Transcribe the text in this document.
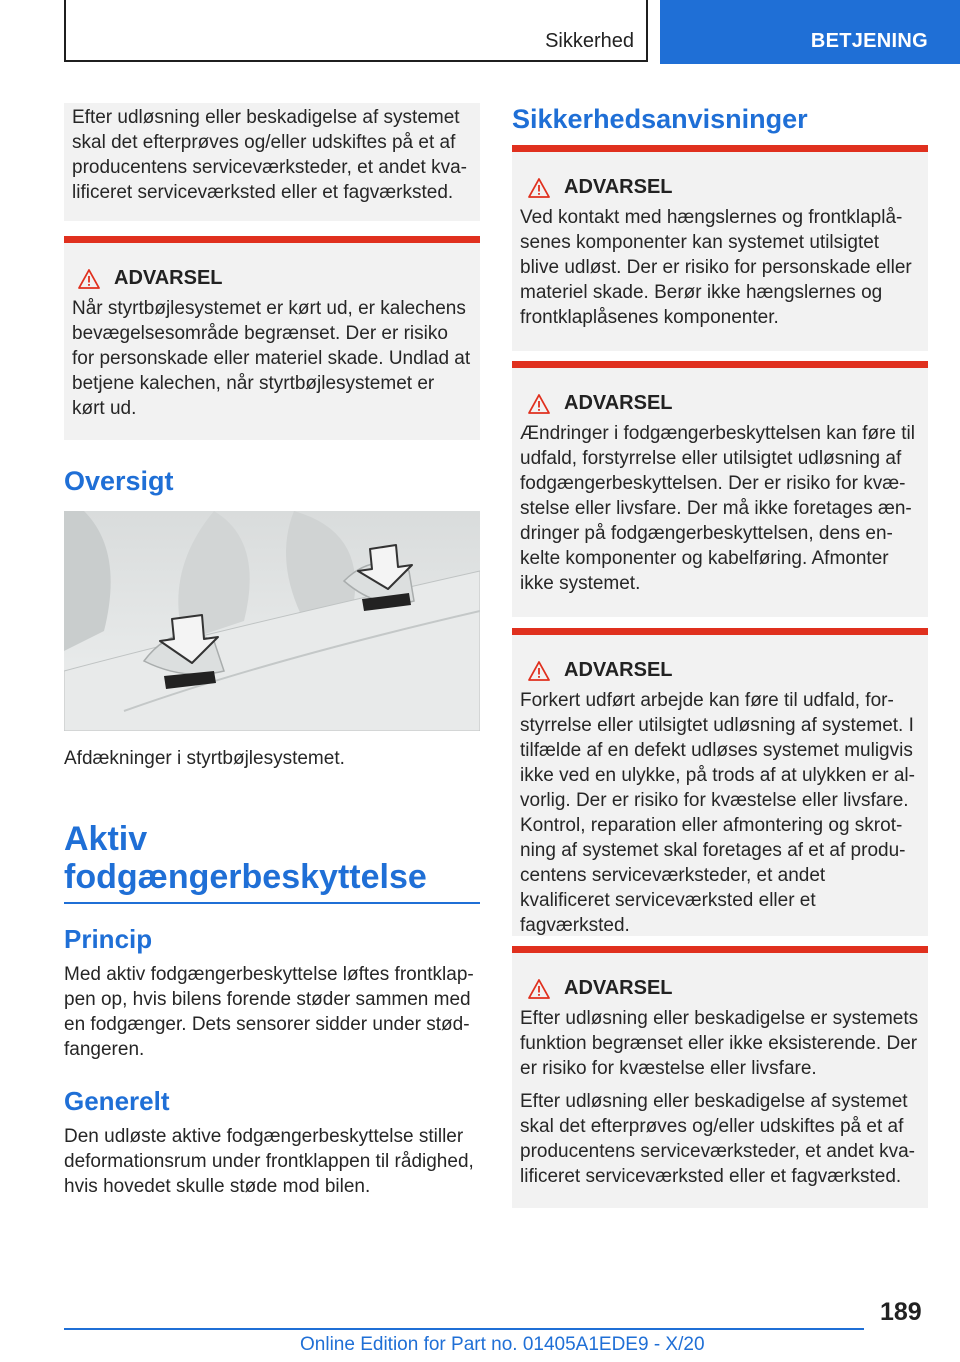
Sikkerhed	BETJENING

Efter udløsning eller beskadigelse af systemet skal det efterprøves og/eller udskiftes på et af producentens serviceværksteder, et andet kva-lificeret serviceværksted eller et fagværksted.

ADVARSEL

Når styrtbøjlesystemet er kørt ud, er kalechens bevægelsesområde begrænset. Der er risiko for personskade eller materiel skade. Undlad at betjene kalechen, når styrtbøjlesystemet er kørt ud.

Oversigt

Afdækninger i styrtbøjlesystemet.

Aktiv
fodgængerbeskyttelse
Princip

Med aktiv fodgængerbeskyttelse løftes frontklap-pen op, hvis bilens forende støder sammen med en fodgænger. Dets sensorer sidder under stød-fangeren.

Generelt

Den udløste aktive fodgængerbeskyttelse stiller deformationsrum under frontklappen til rådighed, hvis hovedet skulle støde mod bilen.

Sikkerhedsanvisninger
ADVARSEL

Ved kontakt med hængslernes og frontklaplå-senes komponenter kan systemet utilsigtet blive udløst. Der er risiko for personskade eller materiel skade. Berør ikke hængslernes og frontklaplåsenes komponenter.

ADVARSEL

Ændringer i fodgængerbeskyttelsen kan føre til udfald, forstyrrelse eller utilsigtet udløsning af fodgængerbeskyttelsen. Der er risiko for kvæ-stelse eller livsfare. Der må ikke foretages æn-dringer på fodgængerbeskyttelsen, dens en-kelte komponenter og kabelføring. Afmonter ikke systemet.

ADVARSEL

Forkert udført arbejde kan føre til udfald, for-styrrelse eller utilsigtet udløsning af systemet. I tilfælde af en defekt udløses systemet muligvis ikke ved en ulykke, på trods af at ulykken er al-vorlig. Der er risiko for kvæstelse eller livsfare. Kontrol, reparation eller afmontering og skrot-ning af systemet skal foretages af et af produ-centens serviceværksteder, et andet kvalificeret serviceværksted eller et fagværksted.

ADVARSEL

Efter udløsning eller beskadigelse er systemets funktion begrænset eller ikke eksisterende. Der er risiko for kvæstelse eller livsfare.

Efter udløsning eller beskadigelse af systemet skal det efterprøves og/eller udskiftes på et af producentens serviceværksteder, et andet kva-lificeret serviceværksted eller et fagværksted.

189
Online Edition for Part no. 01405A1EDE9 - X/20
